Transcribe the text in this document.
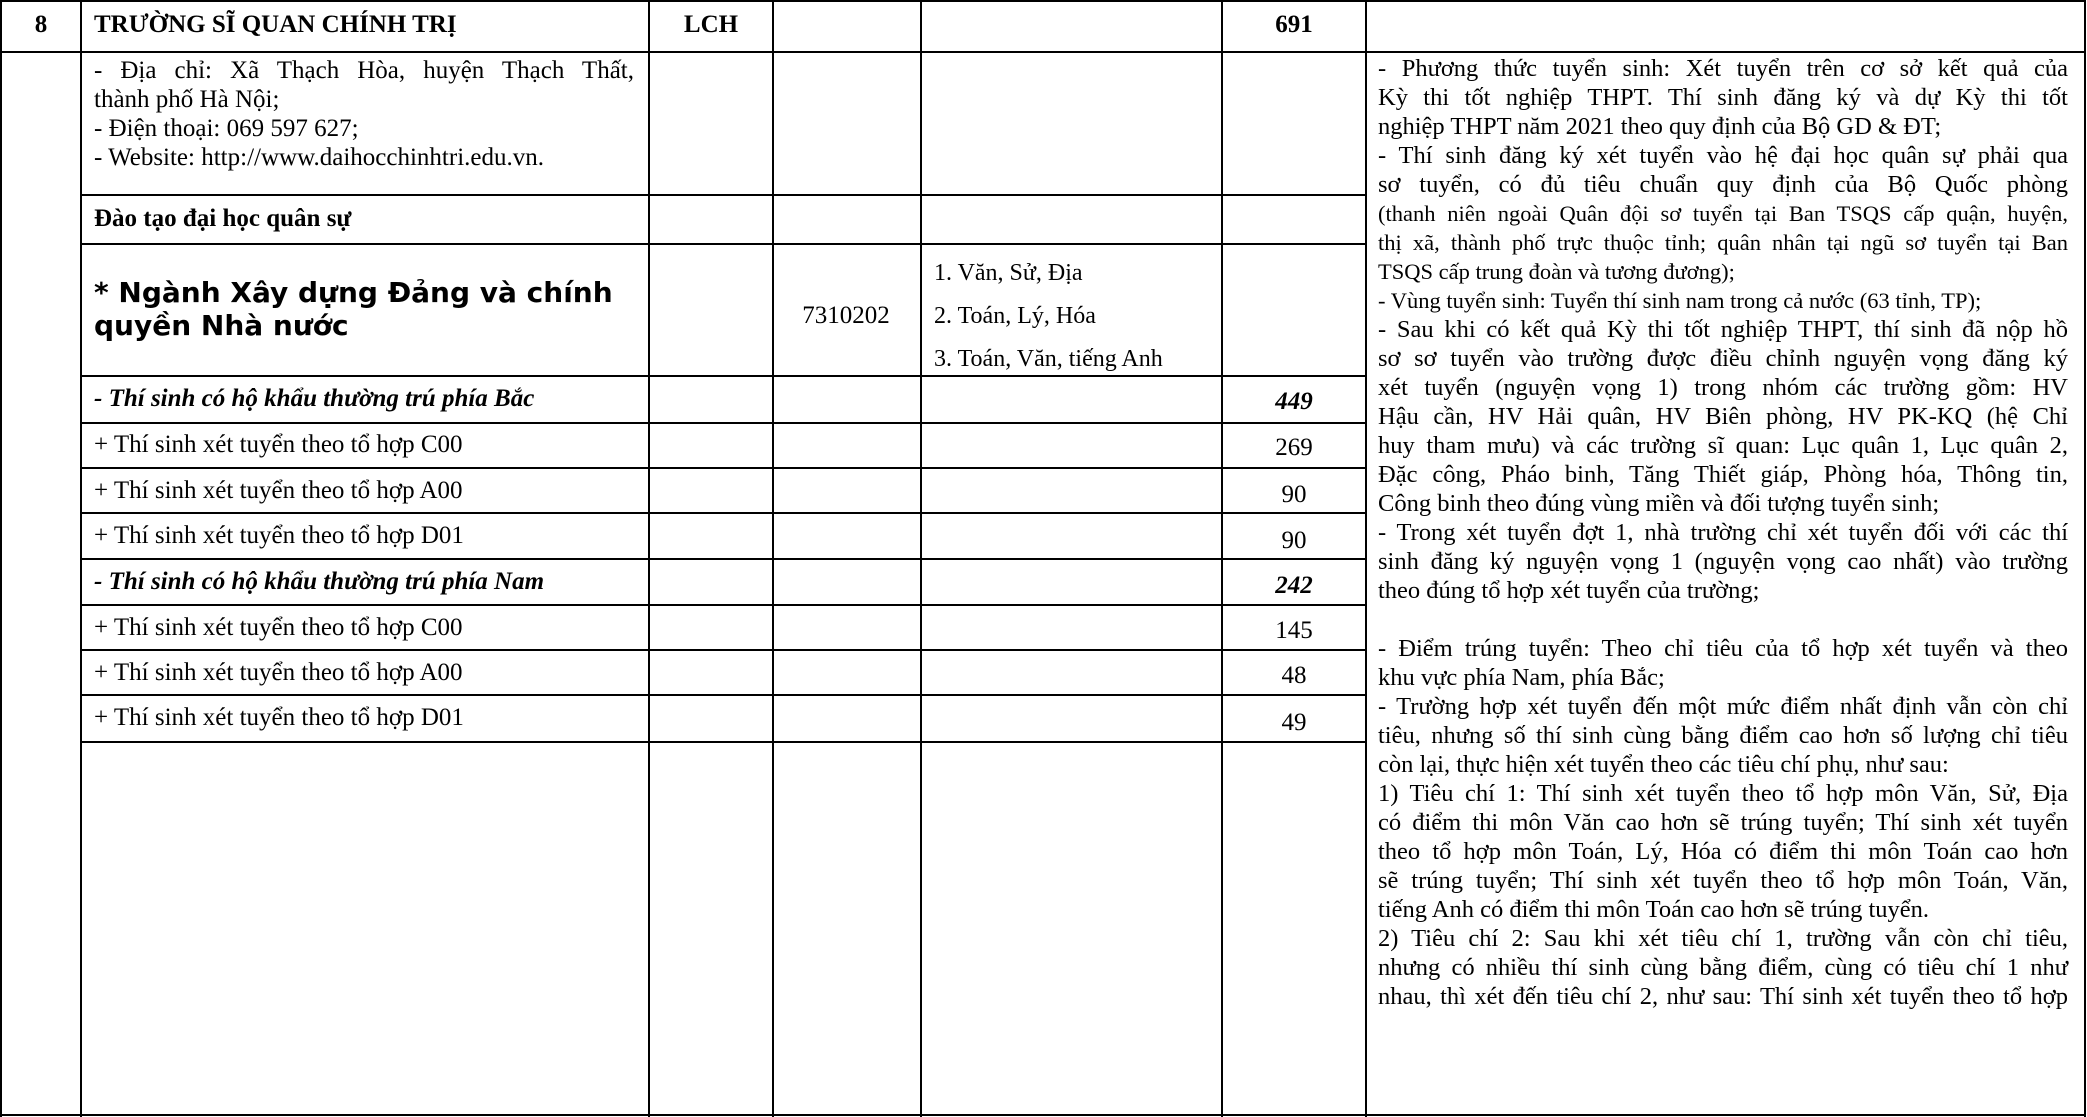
8	TRƯỜNG SĨ QUAN CHÍNH TRỊ	LCH	691
- Địa chỉ: Xã Thạch Hòa, huyện Thạch Thất,
thành phố Hà Nội;
- Điện thoại: 069 597 627;
- Website: http://www.daihocchinhtri.edu.vn.
Đào tạo đại học quân sự
* Ngành Xây dựng Đảng và chính
quyền Nhà nước	7310202
1. Văn, Sử, Địa
2. Toán, Lý, Hóa
3. Toán, Văn, tiếng Anh
- Thí sinh có hộ khẩu thường trú phía Bắc	449
+ Thí sinh xét tuyển theo tổ hợp C00	269
+ Thí sinh xét tuyển theo tổ hợp A00	90
+ Thí sinh xét tuyển theo tổ hợp D01	90
- Thí sinh có hộ khẩu thường trú phía Nam	242
+ Thí sinh xét tuyển theo tổ hợp C00	145
+ Thí sinh xét tuyển theo tổ hợp A00	48
+ Thí sinh xét tuyển theo tổ hợp D01	49
- Phương thức tuyển sinh: Xét tuyển trên cơ sở kết quả của
Kỳ thi tốt nghiệp THPT. Thí sinh đăng ký và dự Kỳ thi tốt
nghiệp THPT năm 2021 theo quy định của Bộ GD & ĐT;
- Thí sinh đăng ký xét tuyển vào hệ đại học quân sự phải qua
sơ tuyển, có đủ tiêu chuẩn quy định của Bộ Quốc phòng
(thanh niên ngoài Quân đội sơ tuyển tại Ban TSQS cấp quận, huyện,
thị xã, thành phố trực thuộc tỉnh; quân nhân tại ngũ sơ tuyển tại Ban
TSQS cấp trung đoàn và tương đương);
- Vùng tuyển sinh: Tuyển thí sinh nam trong cả nước (63 tỉnh, TP);
- Sau khi có kết quả Kỳ thi tốt nghiệp THPT, thí sinh đã nộp hồ
sơ sơ tuyển vào trường được điều chỉnh nguyện vọng đăng ký
xét tuyển (nguyện vọng 1) trong nhóm các trường gồm: HV
Hậu cần, HV Hải quân, HV Biên phòng, HV PK-KQ (hệ Chỉ
huy tham mưu) và các trường sĩ quan: Lục quân 1, Lục quân 2,
Đặc công, Pháo binh, Tăng Thiết giáp, Phòng hóa, Thông tin,
Công binh theo đúng vùng miền và đối tượng tuyển sinh;
- Trong xét tuyển đợt 1, nhà trường chỉ xét tuyển đối với các thí
sinh đăng ký nguyện vọng 1 (nguyện vọng cao nhất) vào trường
theo đúng tổ hợp xét tuyển của trường;
- Điểm trúng tuyển: Theo chỉ tiêu của tổ hợp xét tuyển và theo
khu vực phía Nam, phía Bắc;
- Trường hợp xét tuyển đến một mức điểm nhất định vẫn còn chỉ
tiêu, nhưng số thí sinh cùng bằng điểm cao hơn số lượng chỉ tiêu
còn lại, thực hiện xét tuyển theo các tiêu chí phụ, như sau:
1) Tiêu chí 1: Thí sinh xét tuyển theo tổ hợp môn Văn, Sử, Địa
có điểm thi môn Văn cao hơn sẽ trúng tuyển; Thí sinh xét tuyển
theo tổ hợp môn Toán, Lý, Hóa có điểm thi môn Toán cao hơn
sẽ trúng tuyển; Thí sinh xét tuyển theo tổ hợp môn Toán, Văn,
tiếng Anh có điểm thi môn Toán cao hơn sẽ trúng tuyển.
2) Tiêu chí 2: Sau khi xét tiêu chí 1, trường vẫn còn chỉ tiêu,
nhưng có nhiều thí sinh cùng bằng điểm, cùng có tiêu chí 1 như
nhau, thì xét đến tiêu chí 2, như sau: Thí sinh xét tuyển theo tổ hợp
